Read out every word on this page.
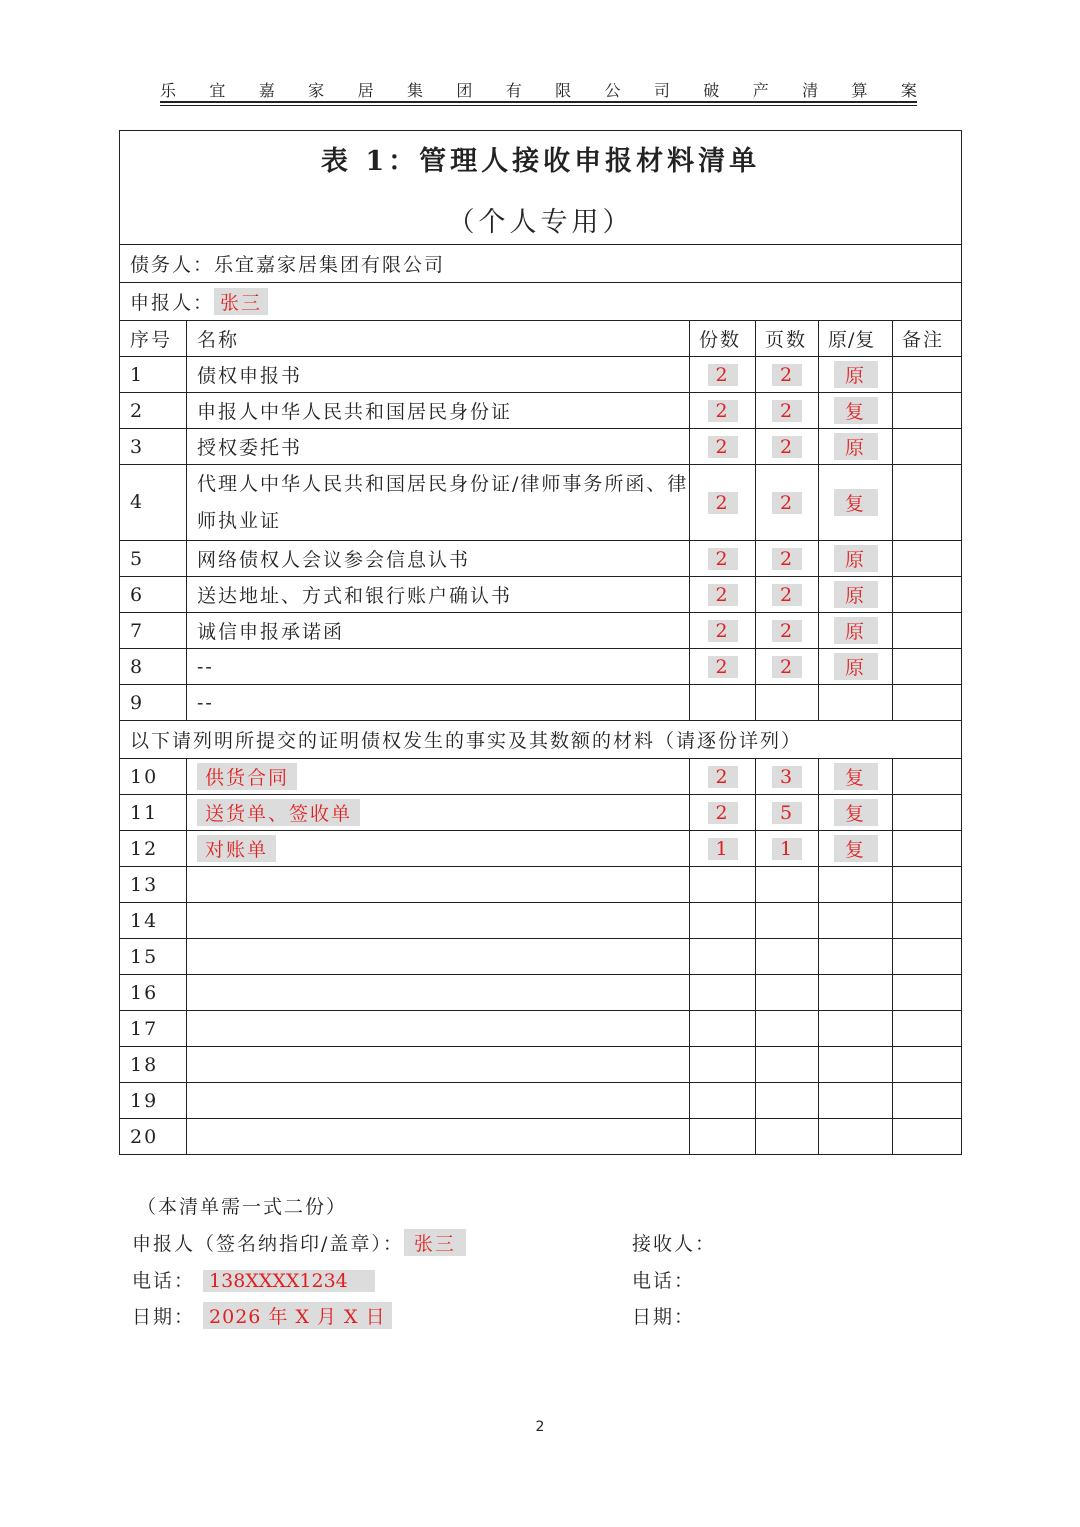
乐 宜 嘉 家 居 集 团 有 限 公 司 破 产 清 算 案
表 1：管理人接收申报材料清单
（个人专用）					

债务人：乐宜嘉家居集团有限公司					
申报人： 张三					
序号	名称	份数	页数	原/复	备注
1	债权申报书	2	2	原	
2	申报人中华人民共和国居民身份证	2	2	复	
3	授权委托书	2	2	原	
4	代理人中华人民共和国居民身份证/律师事务所函、律师执业证	2	2	复	
5	网络债权人会议参会信息认书	2	2	原	
6	送达地址、方式和银行账户确认书	2	2	原	
7	诚信申报承诺函	2	2	原	
8	--	2	2	原	
9	--				
以下请列明所提交的证明债权发生的事实及其数额的材料（请逐份详列）					
10	供货合同	2	3	复	
11	送货单、签收单	2	5	复	
12	对账单	1	1	复	
13					
14					
15					
16					
17					
18					
19					
20					
（本清单需一式二份）
申报人（签名纳指印/盖章）： 张三
电话： 138XXXX1234
日期： 2026 年 X 月 X 日
接收人：
电话：
日期：
2
